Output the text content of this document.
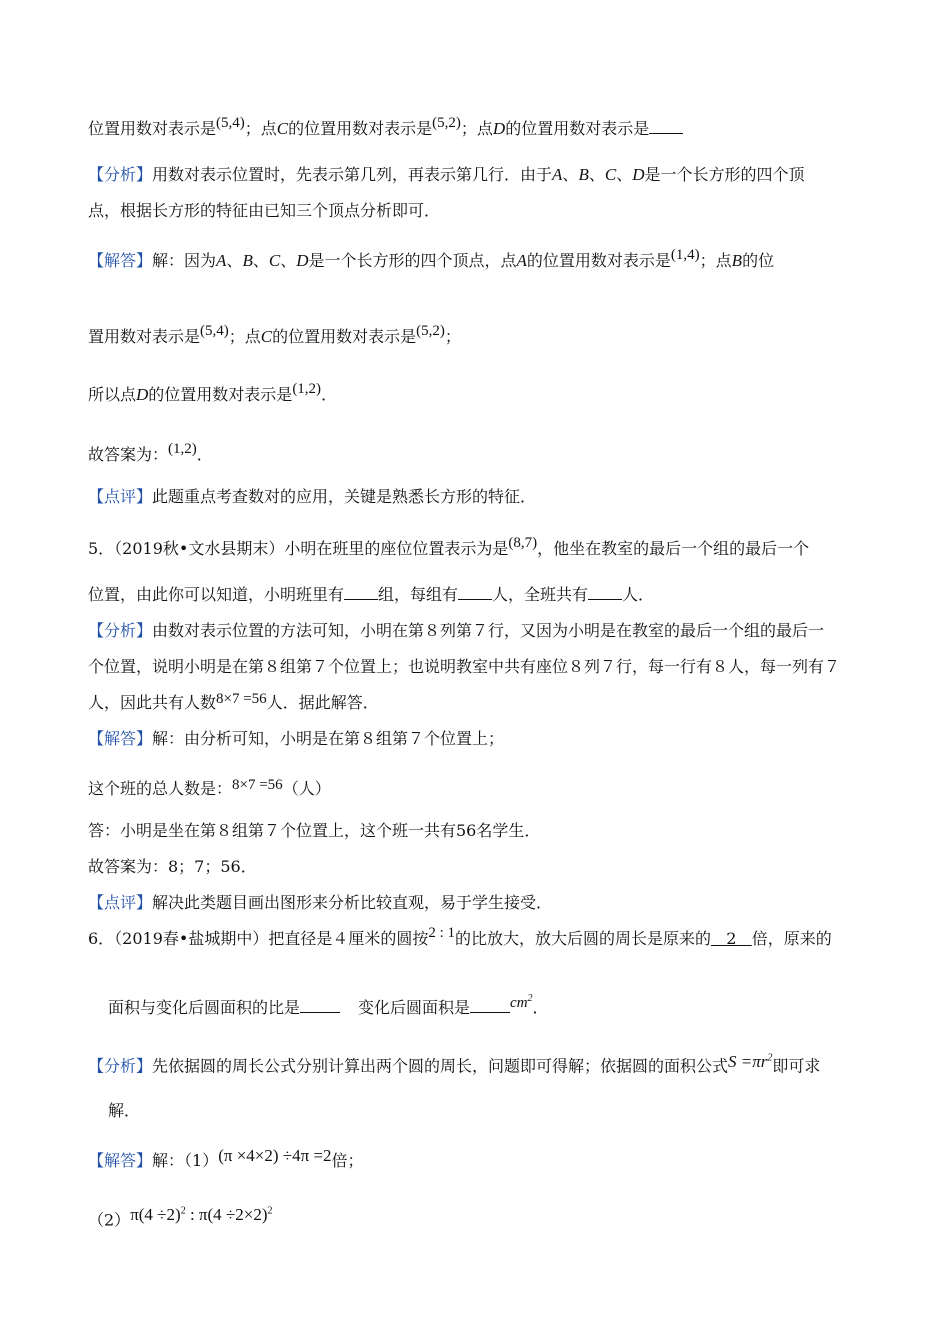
位置用数对表示是(5,4)；点C的位置用数对表示是(5,2)；点D的位置用数对表示是
【分析】用数对表示位置时，先表示第几列，再表示第几行．由于A、B、C、D是一个长方形的四个顶
点，根据长方形的特征由已知三个顶点分析即可．
【解答】解：因为A、B、C、D是一个长方形的四个顶点，点A的位置用数对表示是(1,4)；点B的位
置用数对表示是(5,4)；点C的位置用数对表示是(5,2)；
所以点D的位置用数对表示是(1,2)．
故答案为：(1,2)．
【点评】此题重点考查数对的应用，关键是熟悉长方形的特征．
5．（2019秋•文水县期末）小明在班里的座位位置表示为是(8,7)，他坐在教室的最后一个组的最后一个
位置，由此你可以知道，小明班里有 组，每组有 人，全班共有 人．
【分析】由数对表示位置的方法可知，小明在第８列第７行，又因为小明是在教室的最后一个组的最后一
个位置，说明小明是在第８组第７个位置上；也说明教室中共有座位８列７行，每一行有８人，每一列有７
人，因此共有人数8×7 =56人．据此解答．
【解答】解：由分析可知，小明是在第８组第７个位置上；
这个班的总人数是：8×7 =56（人）
答：小明是坐在第８组第７个位置上，这个班一共有56名学生．
故答案为：8；7；56．
【点评】解决此类题目画出图形来分析比较直观，易于学生接受．
6．（2019春•盐城期中）把直径是４厘米的圆按2 : 1的比放大，放大后圆的周长是原来的 2 倍，原来的
面积与变化后圆面积的比是	变化后圆面积是	$cm^2$．
【分析】先依据圆的周长公式分别计算出两个圆的周长，问题即可得解；依据圆的面积公式$S =\pi r^2$即可求
解．
【解答】解：（1）(π ×4×2) ÷4π =2倍；
$(2)\pi(4 \div 2)^2$ : $\pi(4 \div 2\times 2)^2$
